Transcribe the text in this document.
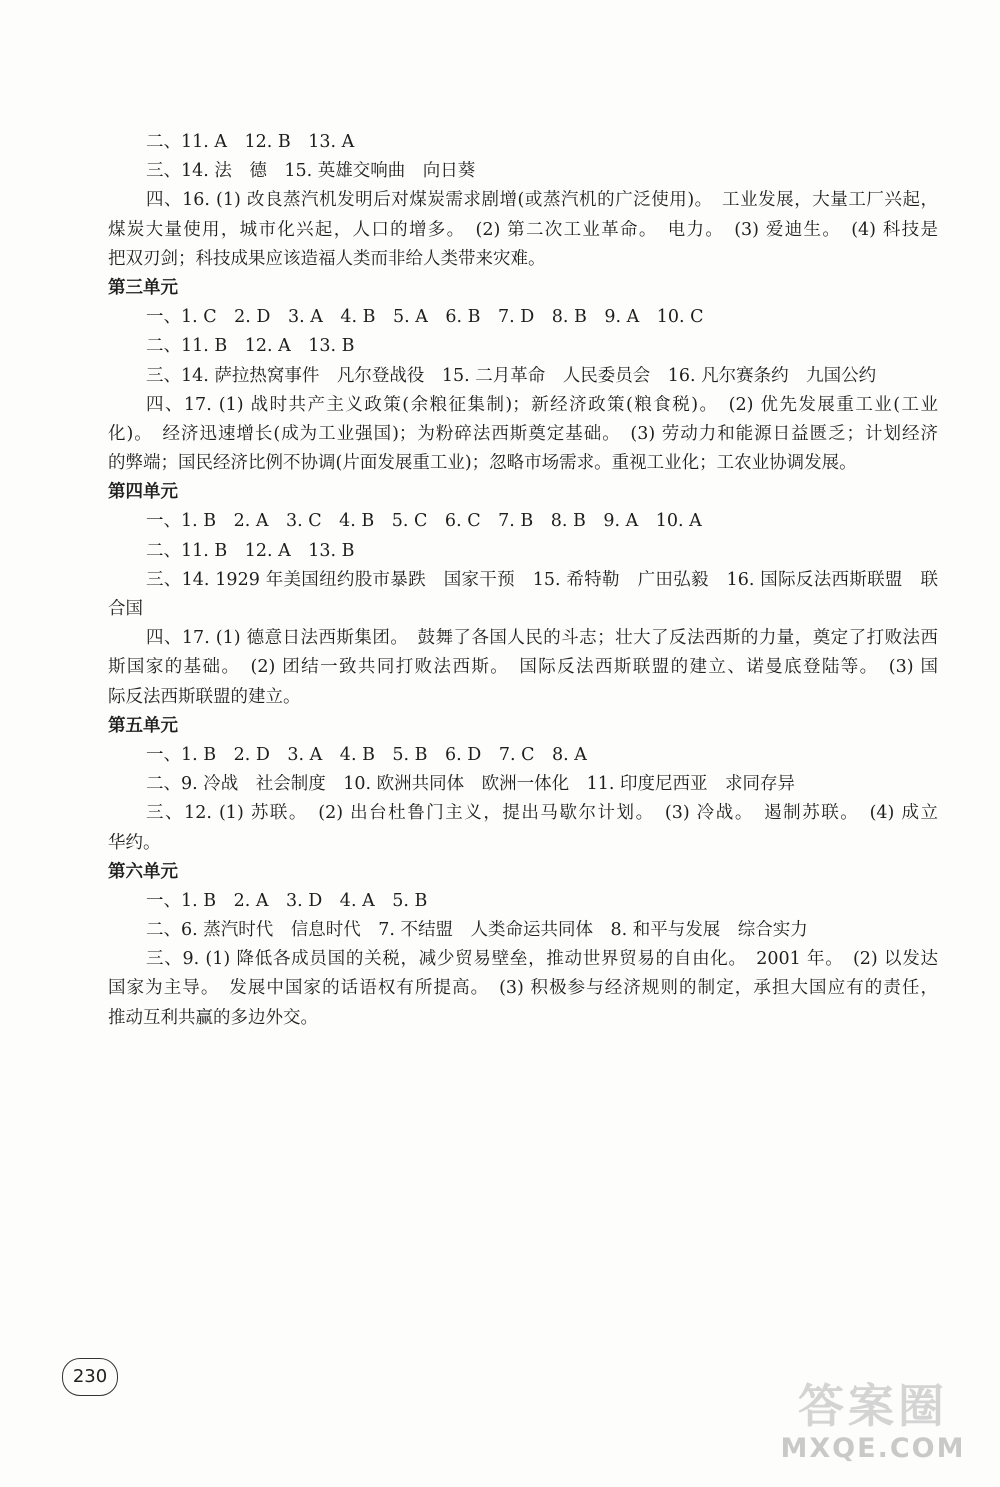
二、11. A　12. B　13. A
三、14. 法　德　15. 英雄交响曲　向日葵
四、16. (1) 改良蒸汽机发明后对煤炭需求剧增(或蒸汽机的广泛使用)。　工业发展，大量工厂兴起，
煤炭大量使用，城市化兴起，人口的增多。　(2) 第二次工业革命。　电力。　(3) 爱迪生。　(4) 科技是
把双刃剑；科技成果应该造福人类而非给人类带来灾难。
第三单元
一、1. C　2. D　3. A　4. B　5. A　6. B　7. D　8. B　9. A　10. C
二、11. B　12. A　13. B
三、14. 萨拉热窝事件　凡尔登战役　15. 二月革命　人民委员会　16. 凡尔赛条约　九国公约
四、17. (1) 战时共产主义政策(余粮征集制)；新经济政策(粮食税)。　(2) 优先发展重工业(工业
化)。　经济迅速增长(成为工业强国)；为粉碎法西斯奠定基础。　(3) 劳动力和能源日益匮乏；计划经济
的弊端；国民经济比例不协调(片面发展重工业)；忽略市场需求。重视工业化；工农业协调发展。
第四单元
一、1. B　2. A　3. C　4. B　5. C　6. C　7. B　8. B　9. A　10. A
二、11. B　12. A　13. B
三、14. 1929 年美国纽约股市暴跌　国家干预　15. 希特勒　广田弘毅　16. 国际反法西斯联盟　联
合国
四、17. (1) 德意日法西斯集团。　鼓舞了各国人民的斗志；壮大了反法西斯的力量，奠定了打败法西
斯国家的基础。　(2) 团结一致共同打败法西斯。　国际反法西斯联盟的建立、诺曼底登陆等。　(3) 国
际反法西斯联盟的建立。
第五单元
一、1. B　2. D　3. A　4. B　5. B　6. D　7. C　8. A
二、9. 冷战　社会制度　10. 欧洲共同体　欧洲一体化　11. 印度尼西亚　求同存异
三、12. (1) 苏联。　(2) 出台杜鲁门主义，提出马歇尔计划。　(3) 冷战。　遏制苏联。　(4) 成立
华约。
第六单元
一、1. B　2. A　3. D　4. A　5. B
二、6. 蒸汽时代　信息时代　7. 不结盟　人类命运共同体　8. 和平与发展　综合实力
三、9. (1) 降低各成员国的关税，减少贸易壁垒，推动世界贸易的自由化。　2001 年。　(2) 以发达
国家为主导。　发展中国家的话语权有所提高。　(3) 积极参与经济规则的制定，承担大国应有的责任，
推动互利共赢的多边外交。
230
答案圈
MXQE.COM
